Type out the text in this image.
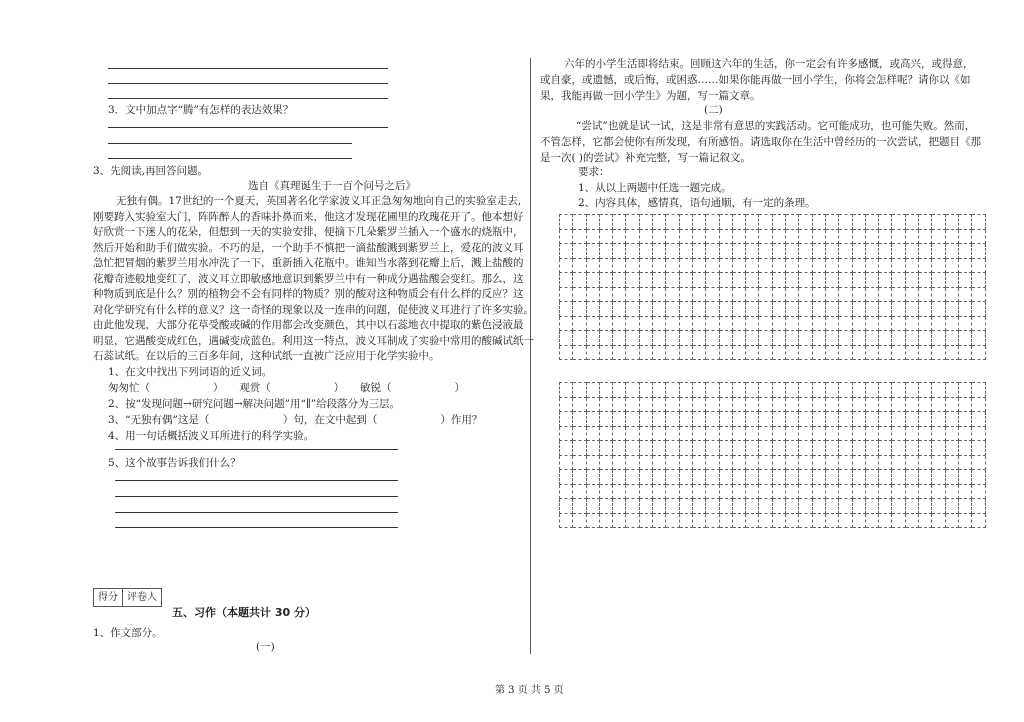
3．文中加点字“腾”有怎样的表达效果？
3、先阅读,再回答问题。
选自《真理诞生于一百个问号之后》
无独有偶。17世纪的一个夏天，英国著名化学家波义耳正急匆匆地向自己的实验室走去,
刚要跨入实验室大门，阵阵醉人的香味扑鼻而来，他这才发现花圃里的玫瑰花开了。他本想好
好欣赏一下迷人的花朵，但想到一天的实验安排，便摘下几朵紫罗兰插入一个盛水的烧瓶中，
然后开始和助手们做实验。不巧的是，一个助手不慎把一滴盐酸溅到紫罗兰上，爱花的波义耳
急忙把冒烟的紫罗兰用水冲洗了一下，重新插入花瓶中。谁知当水落到花瓣上后，溅上盐酸的
花瓣奇迹般地变红了，波义耳立即敏感地意识到紫罗兰中有一种成分遇盐酸会变红。那么，这
种物质到底是什么？别的植物会不会有同样的物质？别的酸对这种物质会有什么样的反应？这
对化学研究有什么样的意义？这一奇怪的现象以及一连串的问题，促使波义耳进行了许多实验。
由此他发现，大部分花草受酸或碱的作用都会改变颜色，其中以石蕊地衣中提取的紫色浸液最
明显，它遇酸变成红色，遇碱变成蓝色。利用这一特点，波义耳制成了实验中常用的酸碱试纸一
石蕊试纸。在以后的三百多年间，这种试纸一直被广泛应用于化学实验中。
1、在文中找出下列词语的近义词。
匆匆忙（　　　　　　）　　观赏（　　　　　　）　　敏锐（　　　　　　）
2、按“发现问题→研究问题→解决问题”用“∥”给段落分为三层。
3、“无独有偶”这是（　　　　　　　）句，在文中起到（　　　　　　）作用？
4、用一句话概括波义耳所进行的科学实验。
5、这个故事告诉我们什么？
得分 评卷人
五、习作（本题共计 30 分）
1、作文部分。
(一)
六年的小学生活即将结束。回顾这六年的生活，你一定会有许多感慨，或高兴，或得意，
或自豪，或遗憾，或后悔，或困惑……如果你能再做一回小学生，你将会怎样呢？请你以《如
果，我能再做一回小学生》为题，写一篇文章。
(二)
“尝试”也就是试一试，这是非常有意思的实践活动。它可能成功，也可能失败。然而，
不管怎样，它都会使你有所发现，有所感悟。请选取你在生活中曾经历的一次尝试，把题目《那
是一次( )的尝试》补充完整，写一篇记叙文。
要求：
1、从以上两题中任选一题完成。
2、内容具体，感情真，语句通顺，有一定的条理。

第 3 页 共 5 页
